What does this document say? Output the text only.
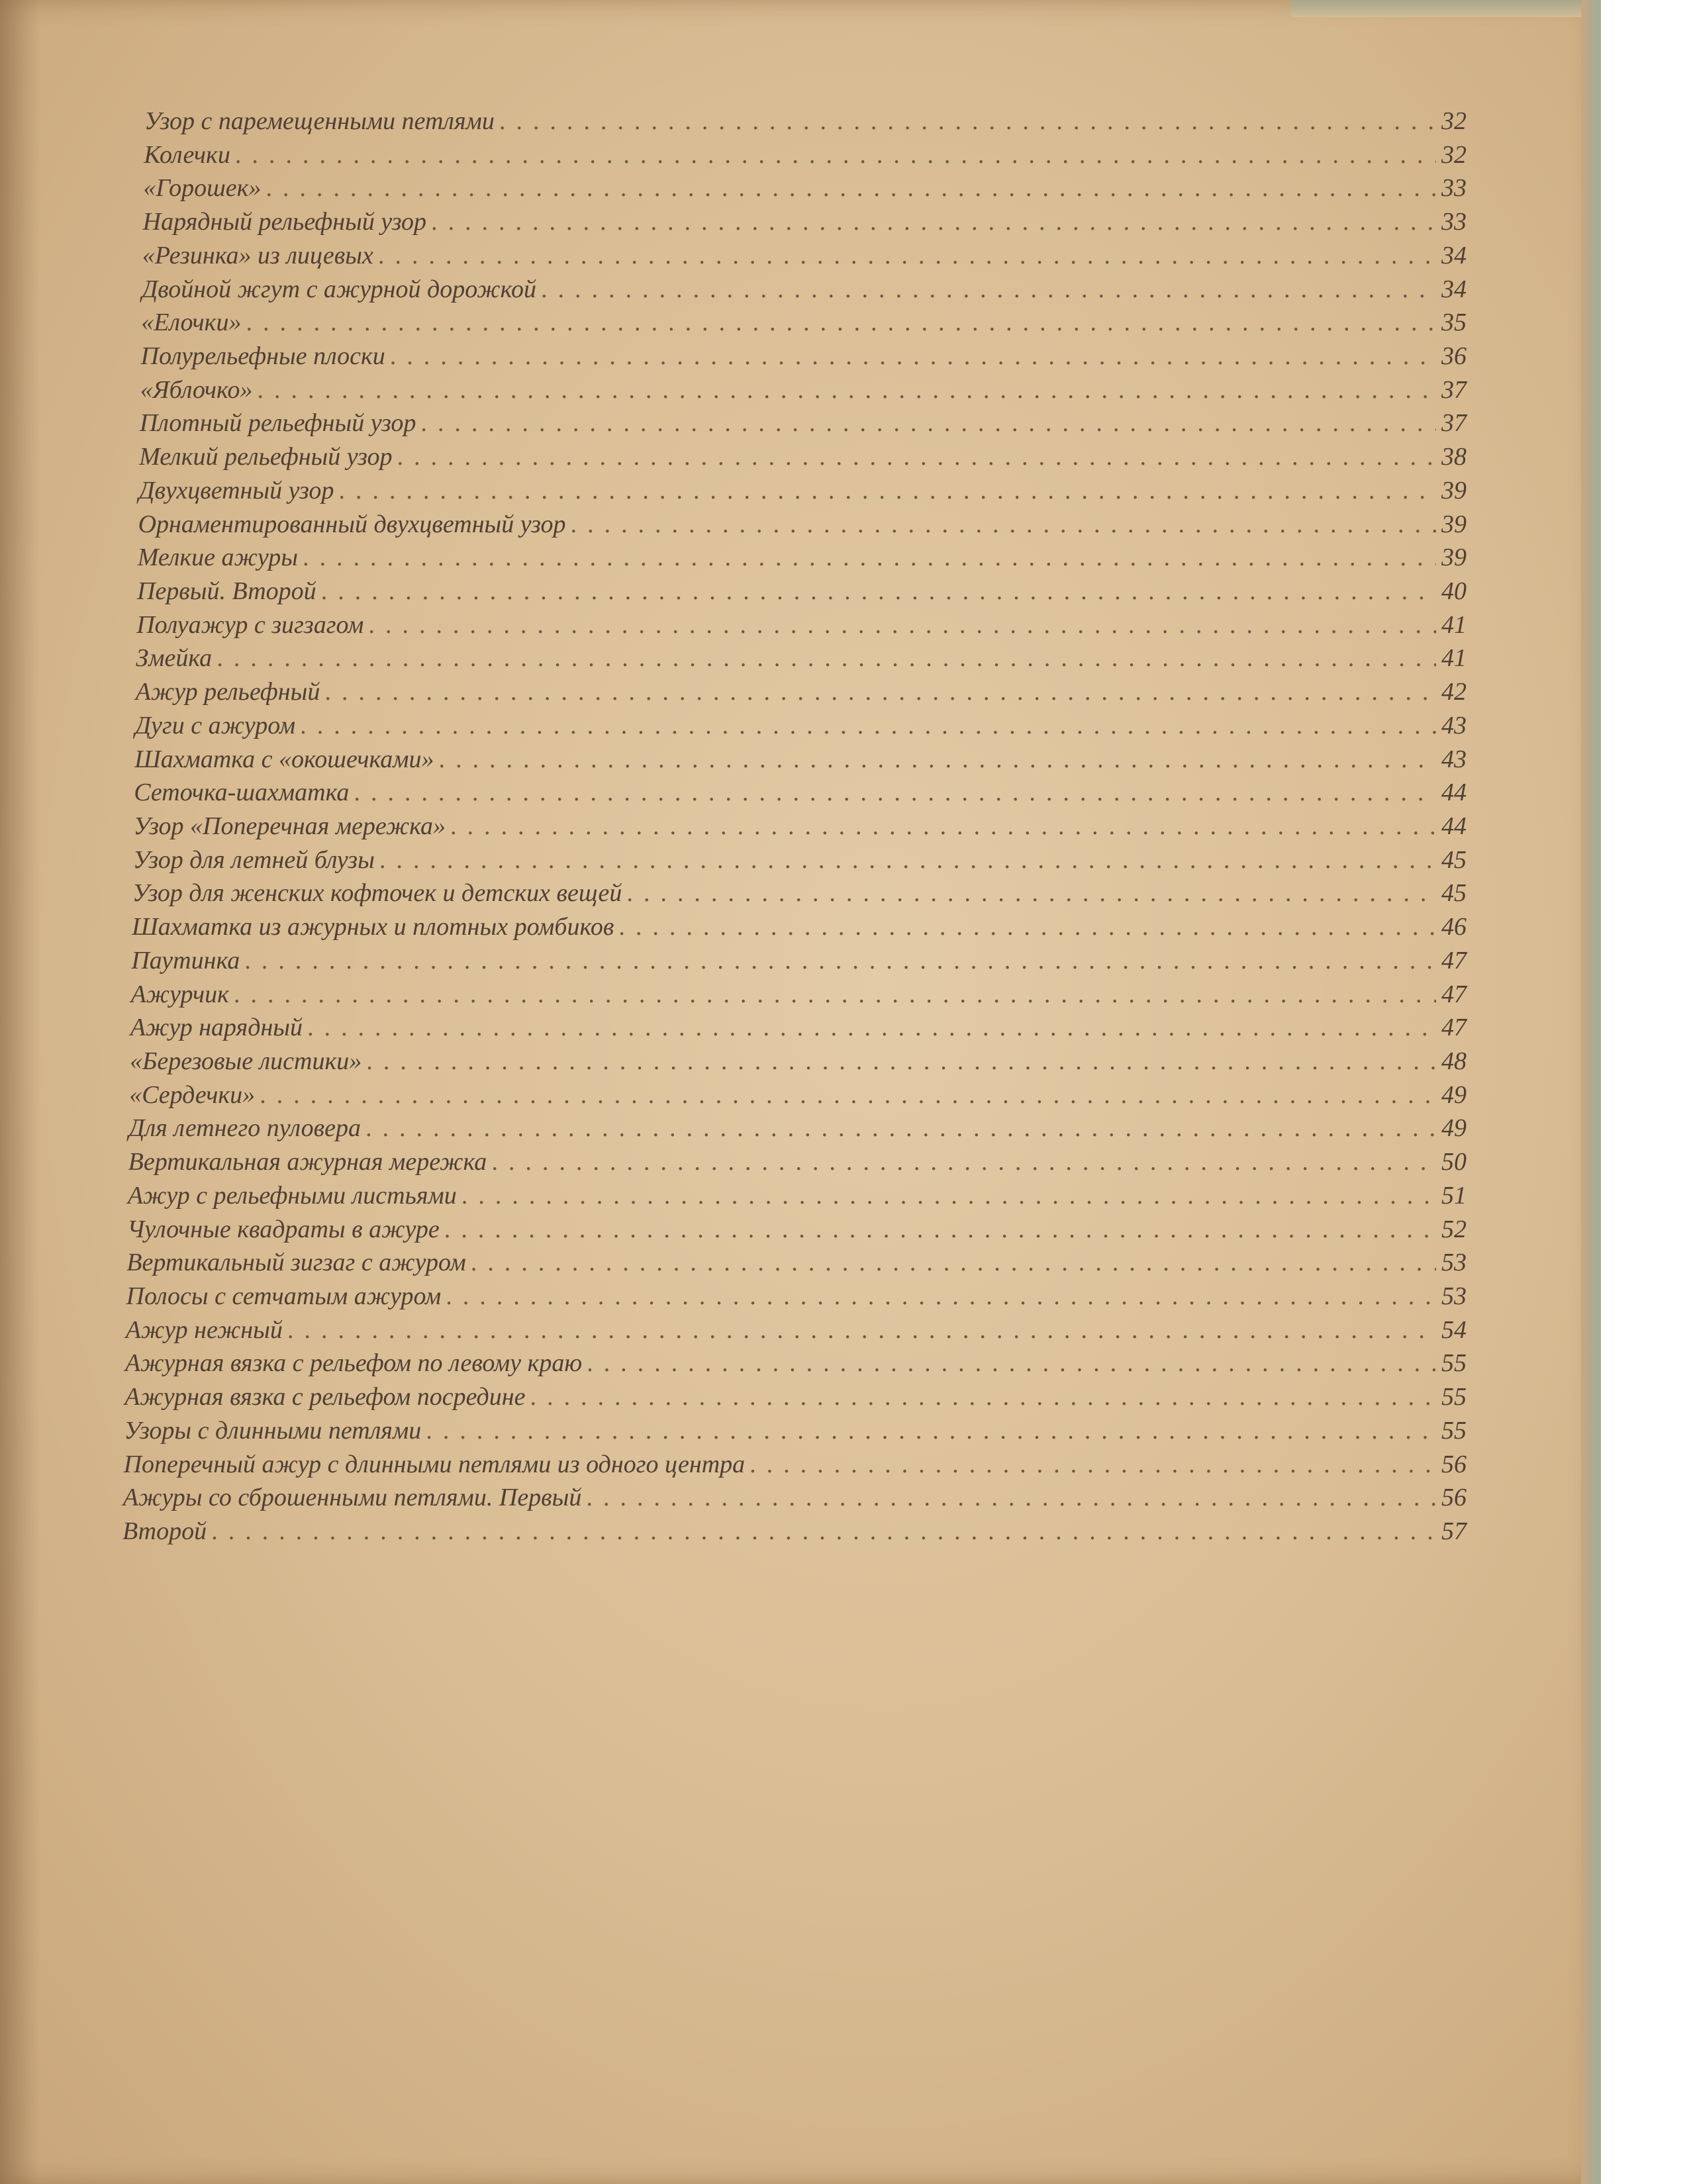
Узор с паремещенными петлями .....	32
Колечки .....	32
«Горошек» .....	33
Нарядный рельефный узор .....	33
«Резинка» из лицевых .....	34
Двойной жгут с ажурной дорожкой .....	34
«Елочки» .....	35
Полурельефные плоски .....	36
«Яблочко» .....	37
Плотный рельефный узор .....	37
Мелкий рельефный узор .....	38
Двухцветный узор .....	39
Орнаментированный двухцветный узор .....	39
Мелкие ажуры .....	39
Первый. Второй .....	40
Полуажур с зигзагом .....	41
Змейка .....	41
Ажур рельефный .....	42
Дуги с ажуром .....	43
Шахматка с «окошечками» .....	43
Сеточка-шахматка .....	44
Узор «Поперечная мережка» .....	44
Узор для летней блузы .....	45
Узор для женских кофточек и детских вещей .....	45
Шахматка из ажурных и плотных ромбиков .....	46
Паутинка .....	47
Ажурчик .....	47
Ажур нарядный .....	47
«Березовые листики» .....	48
«Сердечки» .....	49
Для летнего пуловера .....	49
Вертикальная ажурная мережка .....	50
Ажур с рельефными листьями .....	51
Чулочные квадраты в ажуре .....	52
Вертикальный зигзаг с ажуром .....	53
Полосы с сетчатым ажуром .....	53
Ажур нежный .....	54
Ажурная вязка с рельефом по левому краю .....	55
Ажурная вязка с рельефом посредине .....	55
Узоры с длинными петлями .....	55
Поперечный ажур с длинными петлями из одного центра .....	56
Ажуры со сброшенными петлями. Первый .....	56
Второй .....	57
